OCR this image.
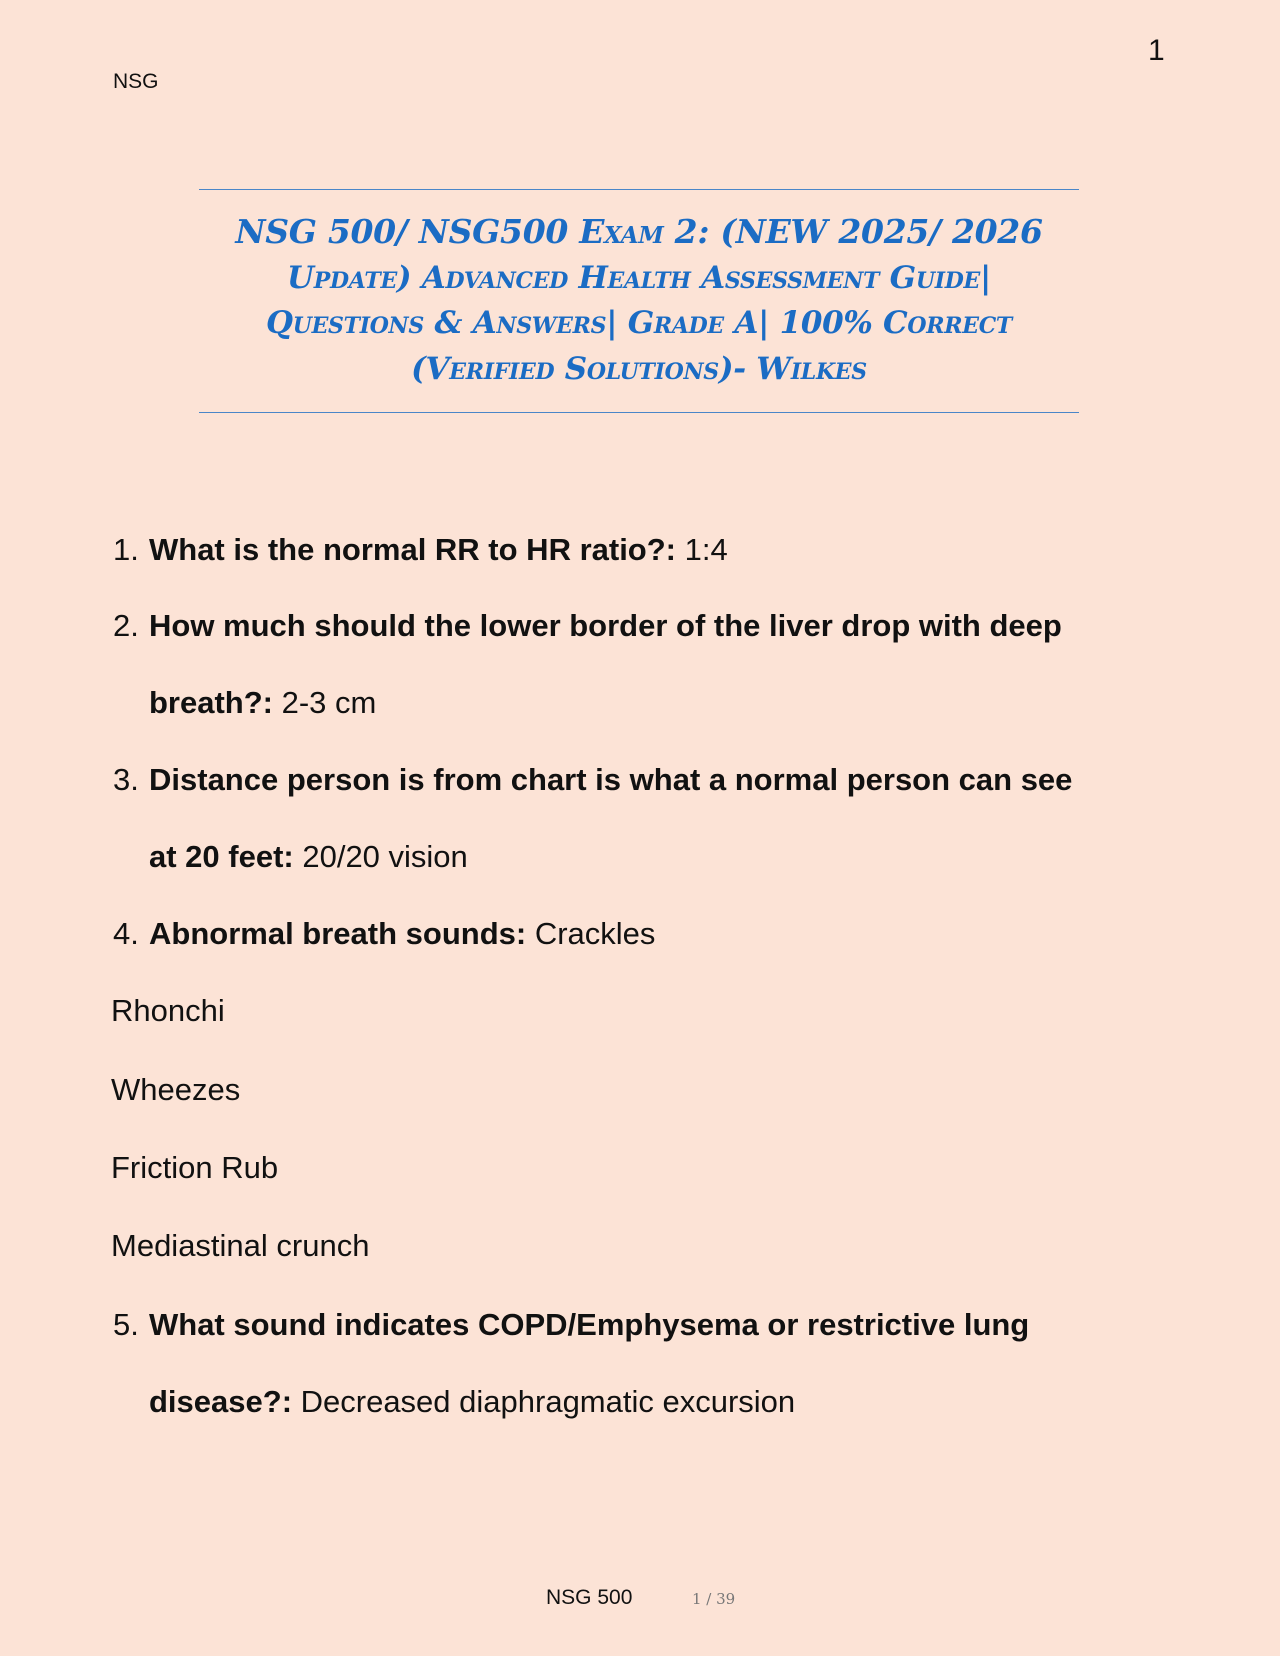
1
NSG
NSG 500/ NSG500 Exam 2: (NEW 2025/ 2026
Update) Advanced Health Assessment Guide|
Questions & Answers| Grade A| 100% Correct
(Verified Solutions)- Wilkes
1. What is the normal RR to HR ratio?: 1:4
2. How much should the lower border of the liver drop with deep
breath?: 2-3 cm
3. Distance person is from chart is what a normal person can see
at 20 feet: 20/20 vision
4. Abnormal breath sounds: Crackles
Rhonchi
Wheezes
Friction Rub
Mediastinal crunch
5. What sound indicates COPD/Emphysema or restrictive lung
disease?: Decreased diaphragmatic excursion
NSG 500	1 / 39
